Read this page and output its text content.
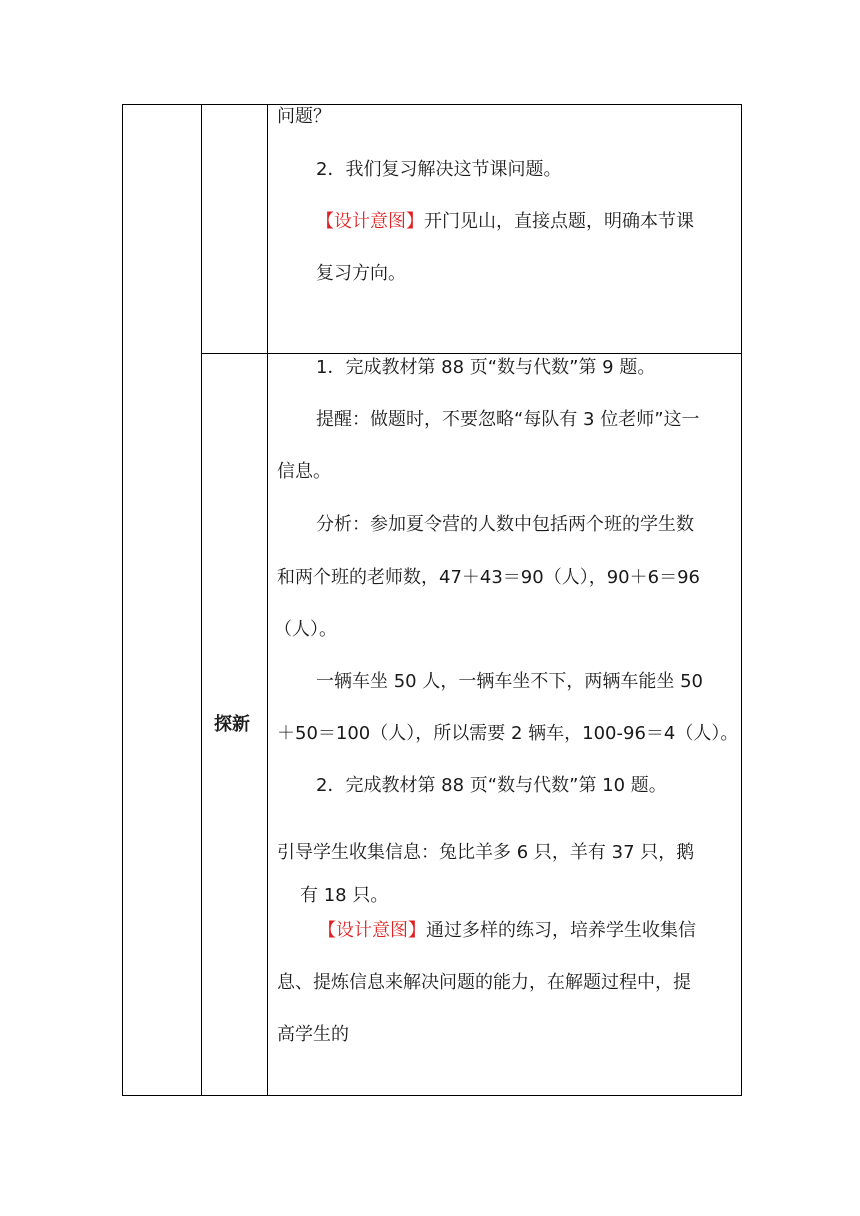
问题？
2．我们复习解决这节课问题。
【设计意图】开门见山，直接点题，明确本节课
复习方向。
探新
1．完成教材第 88 页“数与代数”第 9 题。
提醒：做题时，不要忽略“每队有 3 位老师”这一
信息。
分析：参加夏令营的人数中包括两个班的学生数
和两个班的老师数，47＋43＝90（人），90＋6＝96
（人）。
一辆车坐 50 人，一辆车坐不下，两辆车能坐 50
＋50＝100（人），所以需要 2 辆车，100-96＝4（人）。
2．完成教材第 88 页“数与代数”第 10 题。
引导学生收集信息：兔比羊多 6 只，羊有 37 只，鹅
有 18 只。
【设计意图】通过多样的练习，培养学生收集信
息、提炼信息来解决问题的能力，在解题过程中，提
高学生的
